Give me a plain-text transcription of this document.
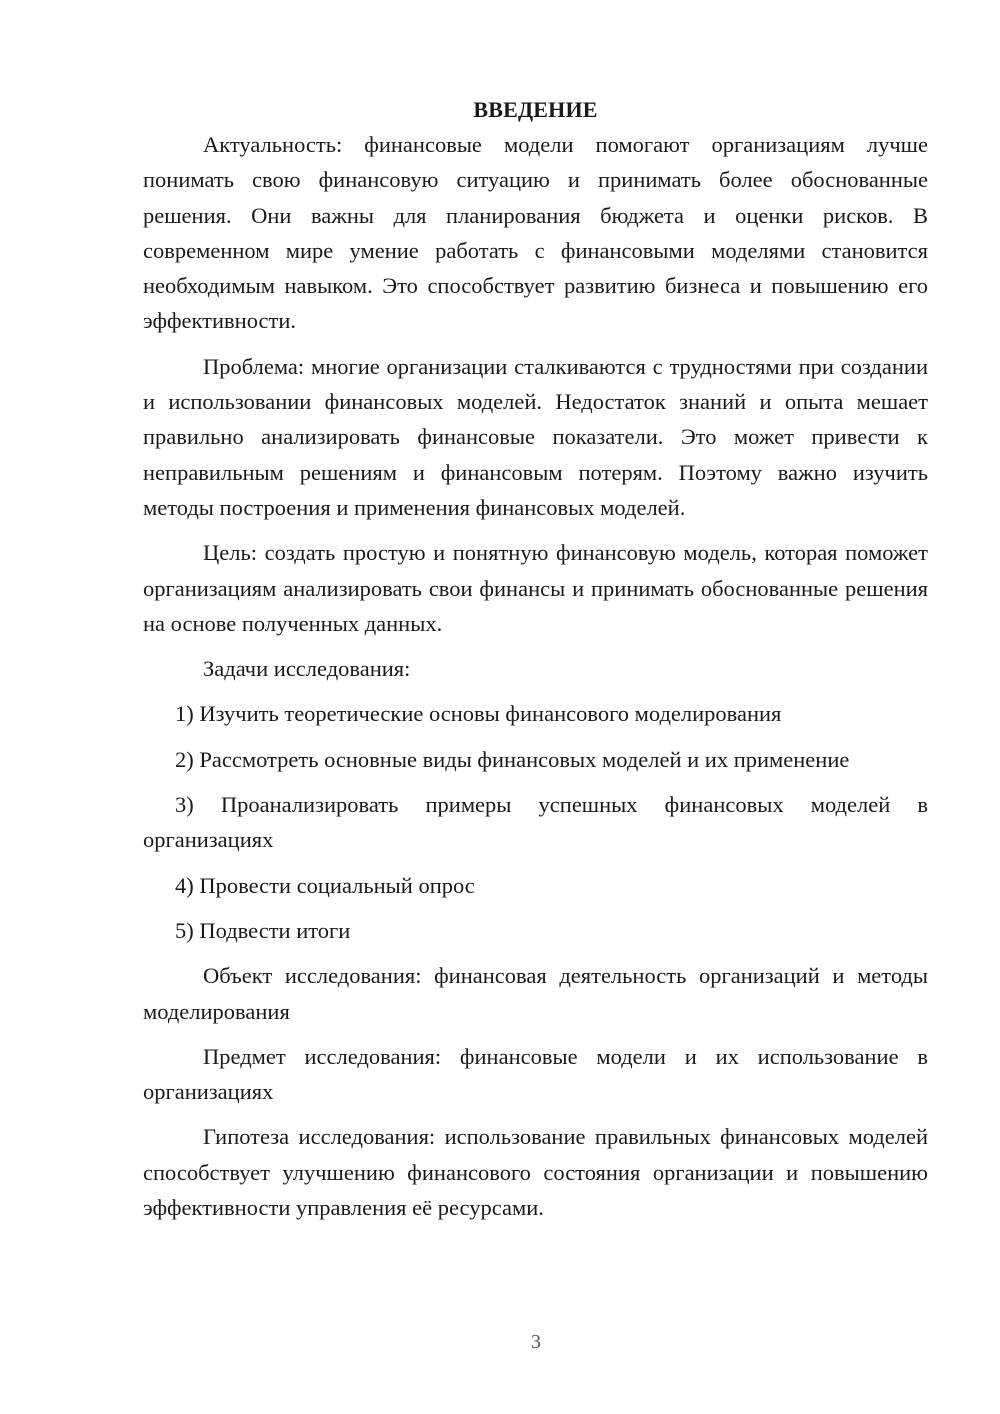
ВВЕДЕНИЕ

Актуальность: финансовые модели помогают организациям лучше понимать свою финансовую ситуацию и принимать более обоснованные решения. Они важны для планирования бюджета и оценки рисков. В современном мире умение работать с финансовыми моделями становится необходимым навыком. Это способствует развитию бизнеса и повышению его эффективности.

Проблема: многие организации сталкиваются с трудностями при создании и использовании финансовых моделей. Недостаток знаний и опыта мешает правильно анализировать финансовые показатели. Это может привести к неправильным решениям и финансовым потерям. Поэтому важно изучить методы построения и применения финансовых моделей.

Цель: создать простую и понятную финансовую модель, которая поможет организациям анализировать свои финансы и принимать обоснованные решения на основе полученных данных.

Задачи исследования:

1) Изучить теоретические основы финансового моделирования

2) Рассмотреть основные виды финансовых моделей и их применение

3) Проанализировать примеры успешных финансовых моделей в организациях

4) Провести социальный опрос

5) Подвести итоги

Объект исследования: финансовая деятельность организаций и методы моделирования

Предмет исследования: финансовые модели и их использование в организациях

Гипотеза исследования: использование правильных финансовых моделей способствует улучшению финансового состояния организации и повышению эффективности управления её ресурсами.

3
